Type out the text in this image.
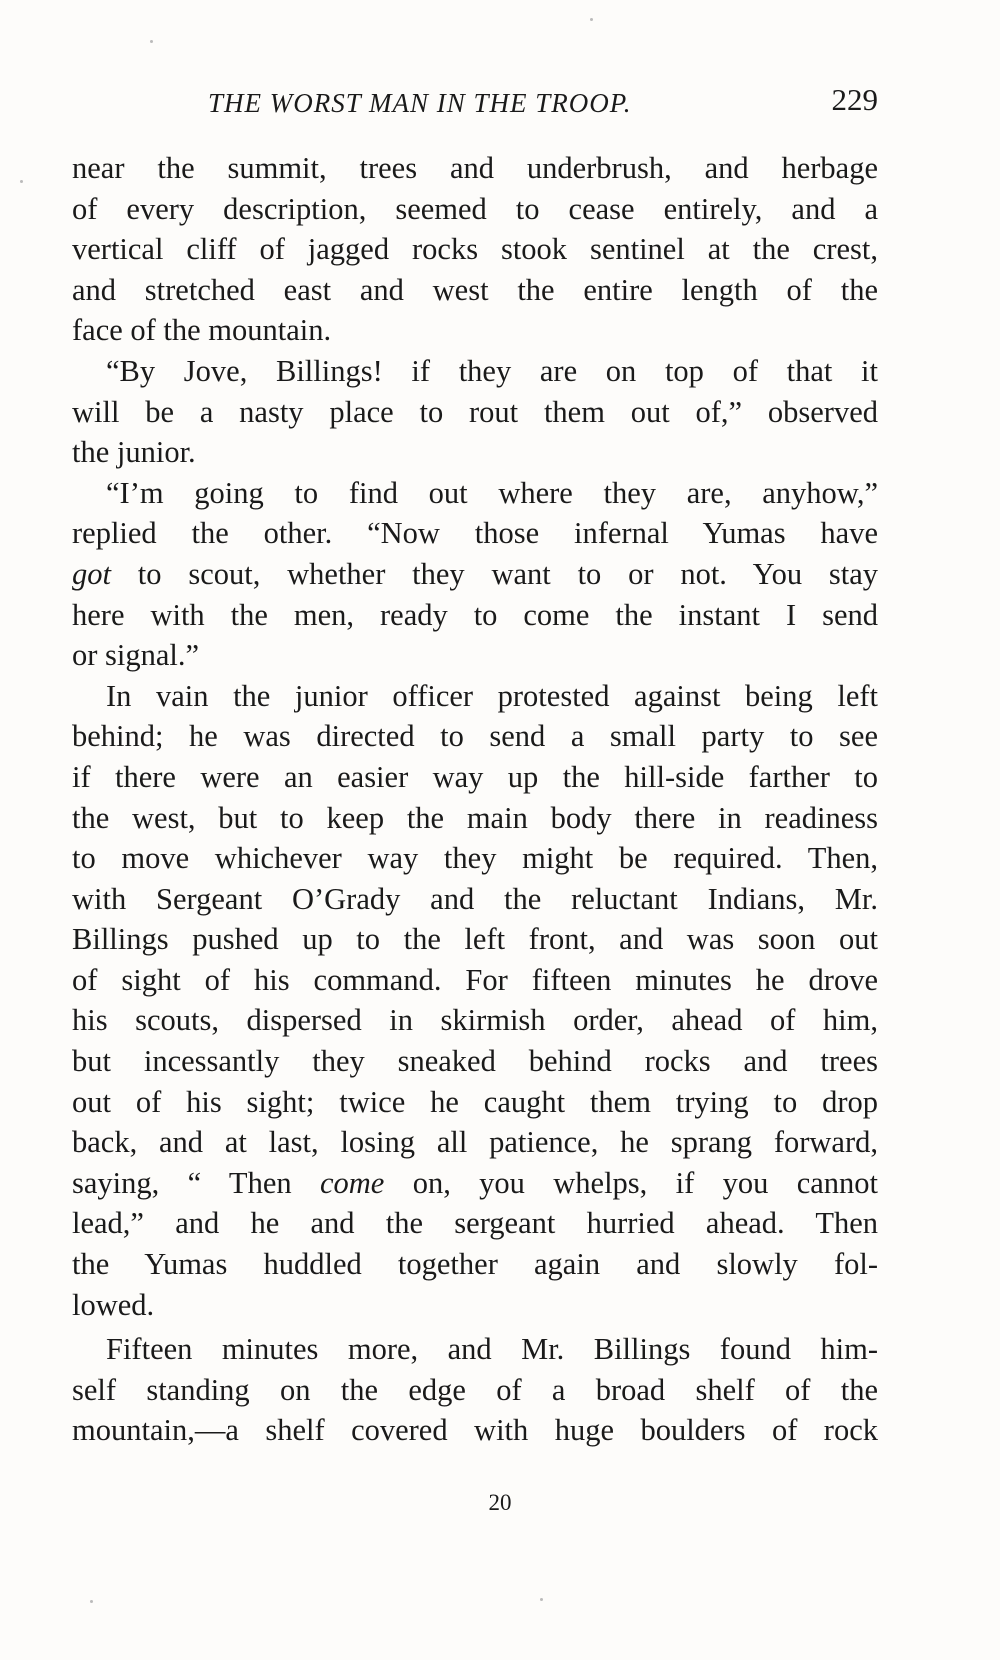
THE WORST MAN IN THE TROOP.	229

near the summit, trees and underbrush, and herbage
of every description, seemed to cease entirely, and a
vertical cliff of jagged rocks stook sentinel at the crest,
and stretched east and west the entire length of the
face of the mountain.

“By Jove, Billings! if they are on top of that it
will be a nasty place to rout them out of,” observed
the junior.

“I’m going to find out where they are, anyhow,”
replied the other. “Now those infernal Yumas have
got to scout, whether they want to or not. You stay
here with the men, ready to come the instant I send
or signal.”

In vain the junior officer protested against being left
behind; he was directed to send a small party to see
if there were an easier way up the hill-side farther to
the west, but to keep the main body there in readiness
to move whichever way they might be required. Then,
with Sergeant O’Grady and the reluctant Indians, Mr.
Billings pushed up to the left front, and was soon out
of sight of his command. For fifteen minutes he drove
his scouts, dispersed in skirmish order, ahead of him,
but incessantly they sneaked behind rocks and trees
out of his sight; twice he caught them trying to drop
back, and at last, losing all patience, he sprang forward,
saying, “ Then come on, you whelps, if you cannot
lead,” and he and the sergeant hurried ahead. Then
the Yumas huddled together again and slowly fol-
lowed.

Fifteen minutes more, and Mr. Billings found him-
self standing on the edge of a broad shelf of the
mountain,—a shelf covered with huge boulders of rock

20
